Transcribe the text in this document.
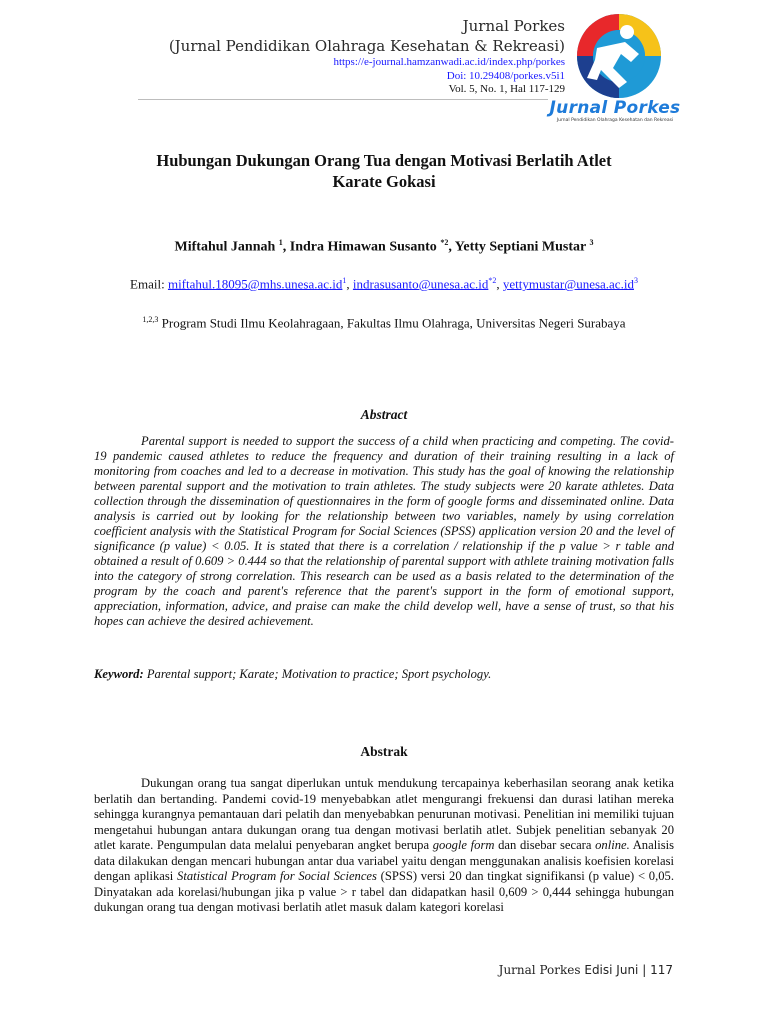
Jurnal Porkes
(Jurnal Pendidikan Olahraga Kesehatan & Rekreasi)
https://e-journal.hamzanwadi.ac.id/index.php/porkes
Doi: 10.29408/porkes.v5i1
Vol. 5, No. 1, Hal 117-129
Jurnal Porkes
Jurnal Pendidikan Olahraga Kesehatan dan Rekreasi
Hubungan Dukungan Orang Tua dengan Motivasi Berlatih Atlet
Karate Gokasi
Miftahul Jannah $^1$, Indra Himawan Susanto $^{*2}$, Yetty Septiani Mustar $^3$
Email: $miftahul.18095@mhs.unesa.ac.id^1$, $indrasusanto@unesa.ac.id^{*2}$, $yettymustar@unesa.ac.id^3$
$^{1,2,3}$ Program Studi Ilmu Keolahragaan, Fakultas Ilmu Olahraga, Universitas Negeri Surabaya
Abstract

Parental support is needed to support the success of a child when practicing and competing. The covid-19 pandemic caused athletes to reduce the frequency and duration of their training resulting in a lack of monitoring from coaches and led to a decrease in motivation. This study has the goal of knowing the relationship between parental support and the motivation to train athletes. The study subjects were 20 karate athletes. Data collection through the dissemination of questionnaires in the form of google forms and disseminated online. Data analysis is carried out by looking for the relationship between two variables, namely by using correlation coefficient analysis with the Statistical Program for Social Sciences (SPSS) application version 20 and the level of significance (p value) < 0.05. It is stated that there is a correlation / relationship if the p value > r table and obtained a result of 0.609 > 0.444 so that the relationship of parental support with athlete training motivation falls into the category of strong correlation. This research can be used as a basis related to the determination of the program by the coach and parent's reference that the parent's support in the form of emotional support, appreciation, information, advice, and praise can make the child develop well, have a sense of trust, so that his hopes can achieve the desired achievement.

Keyword: Parental support; Karate; Motivation to practice; Sport psychology.
Abstrak

Dukungan orang tua sangat diperlukan untuk mendukung tercapainya keberhasilan seorang anak ketika berlatih dan bertanding. Pandemi covid-19 menyebabkan atlet mengurangi frekuensi dan durasi latihan mereka sehingga kurangnya pemantauan dari pelatih dan menyebabkan penurunan motivasi. Penelitian ini memiliki tujuan mengetahui hubungan antara dukungan orang tua dengan motivasi berlatih atlet. Subjek penelitian sebanyak 20 atlet karate. Pengumpulan data melalui penyebaran angket berupa google form dan disebar secara online. Analisis data dilakukan dengan mencari hubungan antar dua variabel yaitu dengan menggunakan analisis koefisien korelasi dengan aplikasi Statistical Program for Social Sciences (SPSS) versi 20 dan tingkat signifikansi (p value) < 0,05. Dinyatakan ada korelasi/hubungan jika p value > r tabel dan didapatkan hasil 0,609 > 0,444 sehingga hubungan dukungan orang tua dengan motivasi berlatih atlet masuk dalam kategori korelasi

Jurnal Porkes Edisi Juni | 117
